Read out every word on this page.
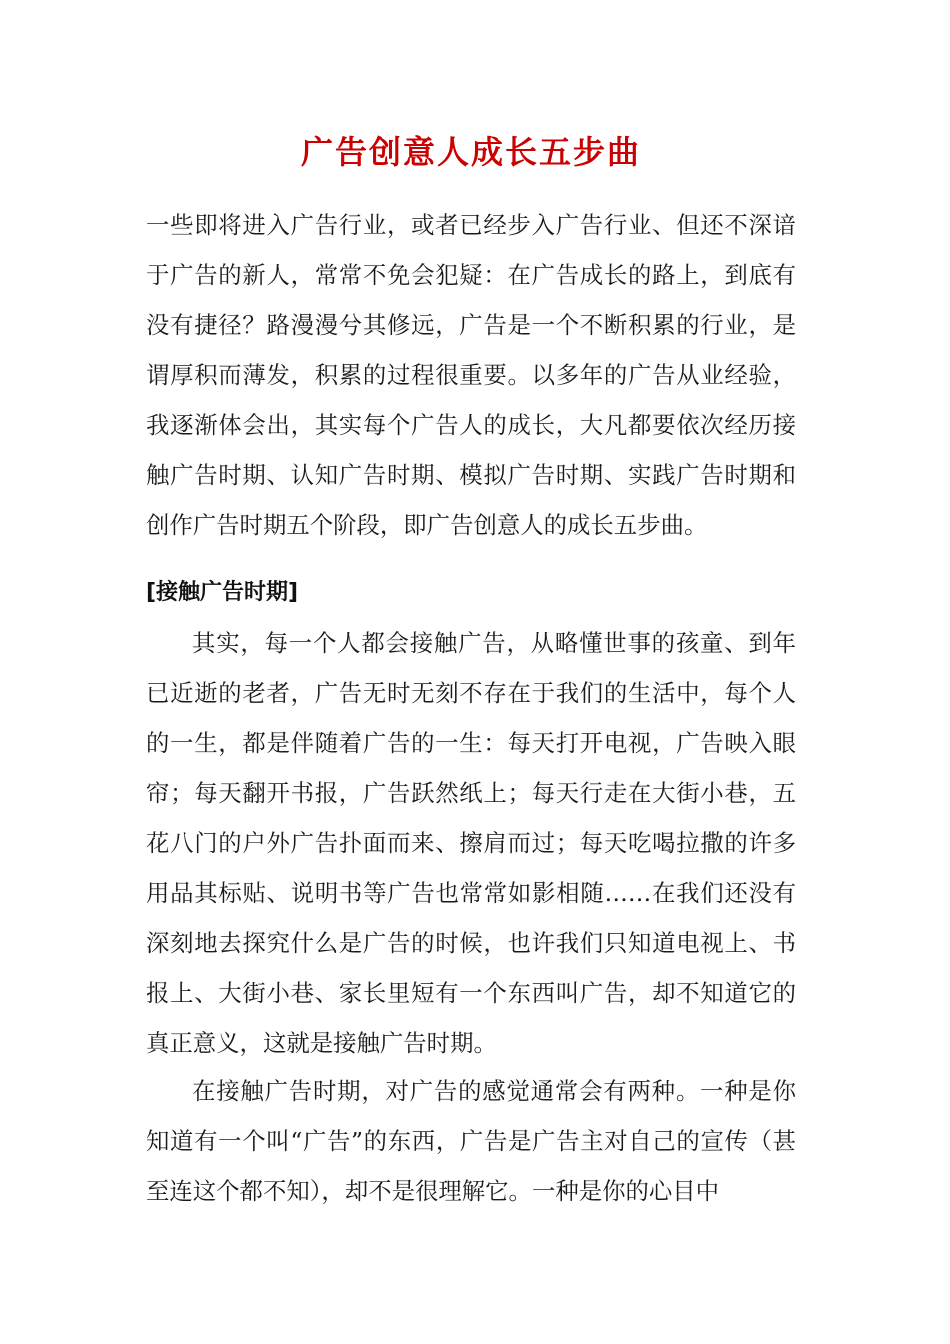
广告创意人成长五步曲

一些即将进入广告行业，或者已经步入广告行业、但还不深谙于广告的新人，常常不免会犯疑：在广告成长的路上，到底有没有捷径？路漫漫兮其修远，广告是一个不断积累的行业，是谓厚积而薄发，积累的过程很重要。以多年的广告从业经验，我逐渐体会出，其实每个广告人的成长，大凡都要依次经历接触广告时期、认知广告时期、模拟广告时期、实践广告时期和创作广告时期五个阶段，即广告创意人的成长五步曲。

[接触广告时期]

其实，每一个人都会接触广告，从略懂世事的孩童、到年已近逝的老者，广告无时无刻不存在于我们的生活中，每个人的一生，都是伴随着广告的一生：每天打开电视，广告映入眼帘；每天翻开书报，广告跃然纸上；每天行走在大街小巷，五花八门的户外广告扑面而来、擦肩而过；每天吃喝拉撒的许多用品其标贴、说明书等广告也常常如影相随……在我们还没有深刻地去探究什么是广告的时候，也许我们只知道电视上、书报上、大街小巷、家长里短有一个东西叫广告，却不知道它的真正意义，这就是接触广告时期。

在接触广告时期，对广告的感觉通常会有两种。一种是你知道有一个叫“广告”的东西，广告是广告主对自己的宣传（甚至连这个都不知），却不是很理解它。一种是你的心目中
